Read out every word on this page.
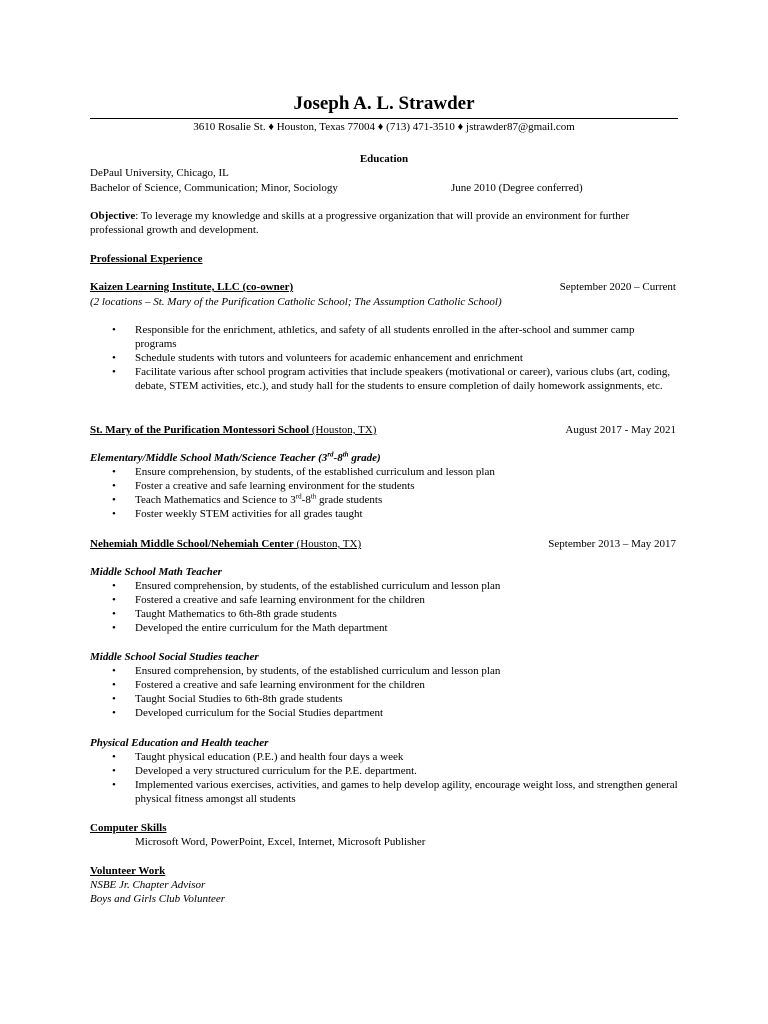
Joseph A. L. Strawder
3610 Rosalie St. ♦ Houston, Texas 77004 ♦ (713) 471-3510 ♦ jstrawder87@gmail.com
Education
DePaul University, Chicago, IL
Bachelor of Science, Communication; Minor, Sociology	June 2010 (Degree conferred)
Objective: To leverage my knowledge and skills at a progressive organization that will provide an environment for further professional growth and development.
Professional Experience
Kaizen Learning Institute, LLC (co-owner)	September 2020 – Current
(2 locations – St. Mary of the Purification Catholic School; The Assumption Catholic School)
• Responsible for the enrichment, athletics, and safety of all students enrolled in the after-school and summer camp programs
• Schedule students with tutors and volunteers for academic enhancement and enrichment
• Facilitate various after school program activities that include speakers (motivational or career), various clubs (art, coding, debate, STEM activities, etc.), and study hall for the students to ensure completion of daily homework assignments, etc.
St. Mary of the Purification Montessori School (Houston, TX)	August 2017 - May 2021
Elementary/Middle School Math/Science Teacher (3rd-8th grade)
• Ensure comprehension, by students, of the established curriculum and lesson plan
• Foster a creative and safe learning environment for the students
• Teach Mathematics and Science to 3rd-8th grade students
• Foster weekly STEM activities for all grades taught
Nehemiah Middle School/Nehemiah Center (Houston, TX)	September 2013 – May 2017
Middle School Math Teacher
• Ensured comprehension, by students, of the established curriculum and lesson plan
• Fostered a creative and safe learning environment for the children
• Taught Mathematics to 6th-8th grade students
• Developed the entire curriculum for the Math department
Middle School Social Studies teacher
• Ensured comprehension, by students, of the established curriculum and lesson plan
• Fostered a creative and safe learning environment for the children
• Taught Social Studies to 6th-8th grade students
• Developed curriculum for the Social Studies department
Physical Education and Health teacher
• Taught physical education (P.E.) and health four days a week
• Developed a very structured curriculum for the P.E. department.
• Implemented various exercises, activities, and games to help develop agility, encourage weight loss, and strengthen general physical fitness amongst all students
Computer Skills
Microsoft Word, PowerPoint, Excel, Internet, Microsoft Publisher
Volunteer Work
NSBE Jr. Chapter Advisor
Boys and Girls Club Volunteer
